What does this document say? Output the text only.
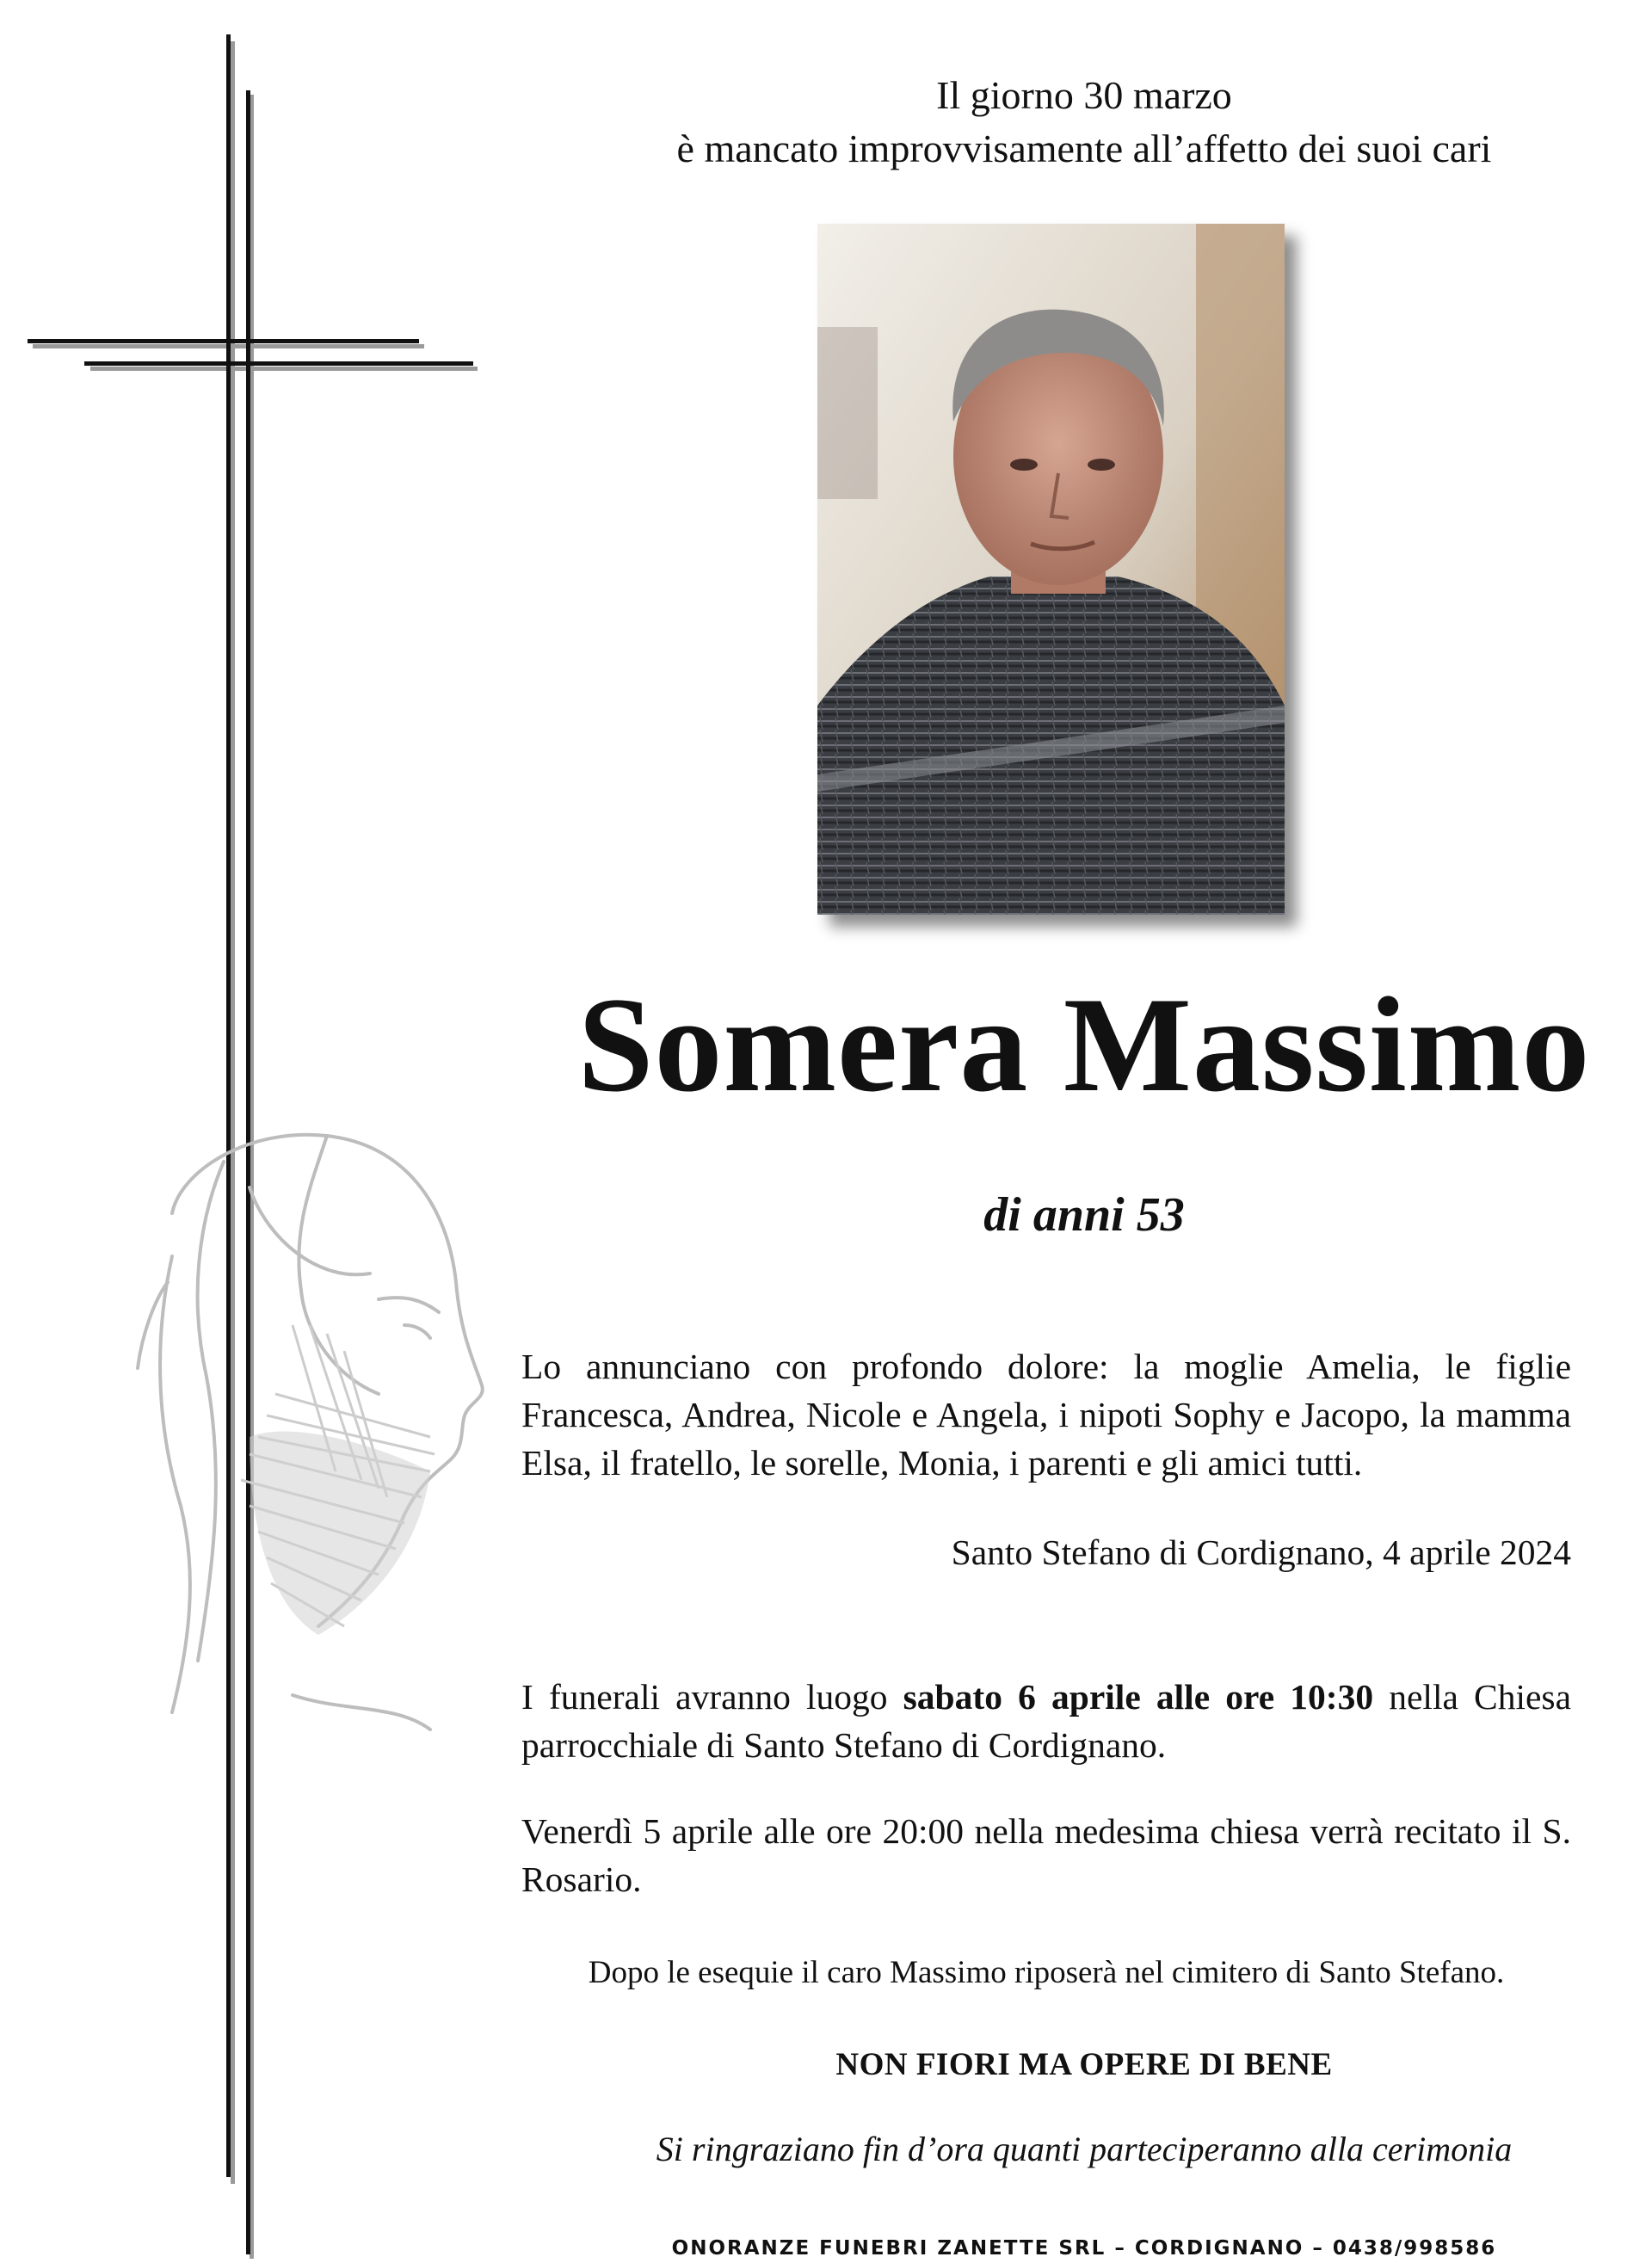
Il giorno 30 marzo
è mancato improvvisamente all’affetto dei suoi cari
Somera Massimo
di anni 53
Lo annunciano con profondo dolore: la moglie Amelia, le figlie Francesca, Andrea, Nicole e Angela, i nipoti Sophy e Jacopo, la mamma Elsa, il fratello, le sorelle, Monia, i parenti e gli amici tutti.
Santo Stefano di Cordignano, 4 aprile 2024
I funerali avranno luogo sabato 6 aprile alle ore 10:30 nella Chiesa parrocchiale di Santo Stefano di Cordignano.
Venerdì 5 aprile alle ore 20:00 nella medesima chiesa verrà recitato il S. Rosario.
Dopo le esequie il caro Massimo riposerà nel cimitero di Santo Stefano.
NON FIORI MA OPERE DI BENE
Si ringraziano fin d’ora quanti parteciperanno alla cerimonia
ONORANZE FUNEBRI ZANETTE SRL – CORDIGNANO – 0438/998586
